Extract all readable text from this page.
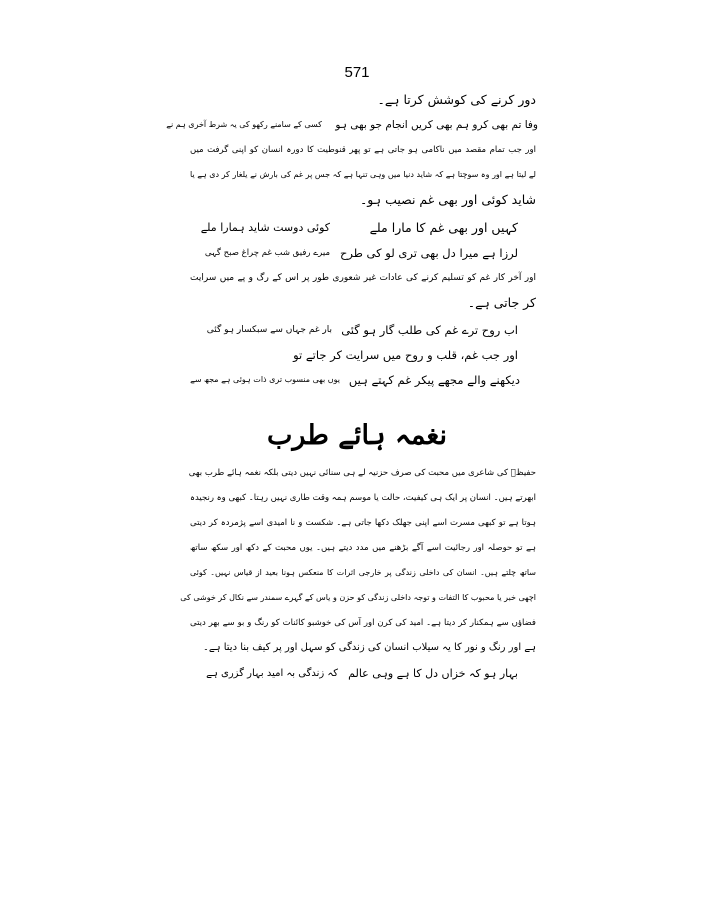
571
دور کرنے کی کوشش کرتا ہے۔
وفا تم بھی کرو ہم بھی کریں انجام جو بھی ہو
کسی کے سامنے رکھو کی یہ شرط آخری ہم نے
اور جب تمام مقصد میں ناکامی ہو جاتی ہے تو پھر قنوطیت کا دورہ انسان کو اپنی گرفت میں
لے لیتا ہے اور وہ سوچتا ہے کہ شاید دنیا میں وہی تنہا ہے کہ جس پر غم کی بارش نے یلغار کر دی ہے یا
شاید کوئی اور بھی غم نصیب ہو۔
کہیں اور بھی غم کا مارا ملے
کوئی دوست شاید ہمارا ملے
لرزا ہے میرا دل بھی تری لو کی طرح
میرے رفیق شب غم چراغ صبح گہی
اور آخر کار غم کو تسلیم کرنے کی عادات غیر شعوری طور پر اس کے رگ و پے میں سرایت
کر جاتی ہے۔
اب روح ترے غم کی طلب گار ہو گئی
بار غم جہاں سے سبکسار ہو گئی
اور جب غم، قلب و روح میں سرایت کر جاتے تو
دیکھنے والے مجھے پیکر غم کہتے ہیں
یوں بھی منسوب تری ذات ہوئی ہے مجھ سے
نغمہ ہائے طرب
حفیظؔ کی شاعری میں محبت کی صرف حزنیہ لے ہی سنائی نہیں دیتی بلکہ نغمہ ہائے طرب بھی
ابھرتے ہیں۔ انسان پر ایک ہی کیفیت، حالت یا موسم ہمہ وقت طاری نہیں رہتا۔ کبھی وہ رنجیدہ
ہوتا ہے تو کبھی مسرت اسے اپنی جھلک دکھا جاتی ہے۔ شکست و نا امیدی اسے پژمردہ کر دیتی
ہے تو حوصلہ اور رجائیت اسے آگے بڑھنے میں مدد دیتے ہیں۔ یوں محبت کے دکھ اور سکھ ساتھ
ساتھ چلتے ہیں۔ انسان کی داخلی زندگی پر خارجی اثرات کا منعکس ہونا بعید از قیاس نہیں۔ کوئی
اچھی خبر یا محبوب کا التفات و توجہ داخلی زندگی کو حزن و یاس کے گہرے سمندر سے نکال کر خوشی کی
فضاؤں سے ہمکنار کر دیتا ہے۔ امید کی کرن اور آس کی خوشبو کائنات کو رنگ و بو سے بھر دیتی
ہے اور رنگ و نور کا یہ سیلاب انسان کی زندگی کو سہل اور پر کیف بنا دیتا ہے۔
بہار ہو کہ خزاں دل کا ہے وہی عالم
کہ زندگی بہ امید بہار گزری ہے
